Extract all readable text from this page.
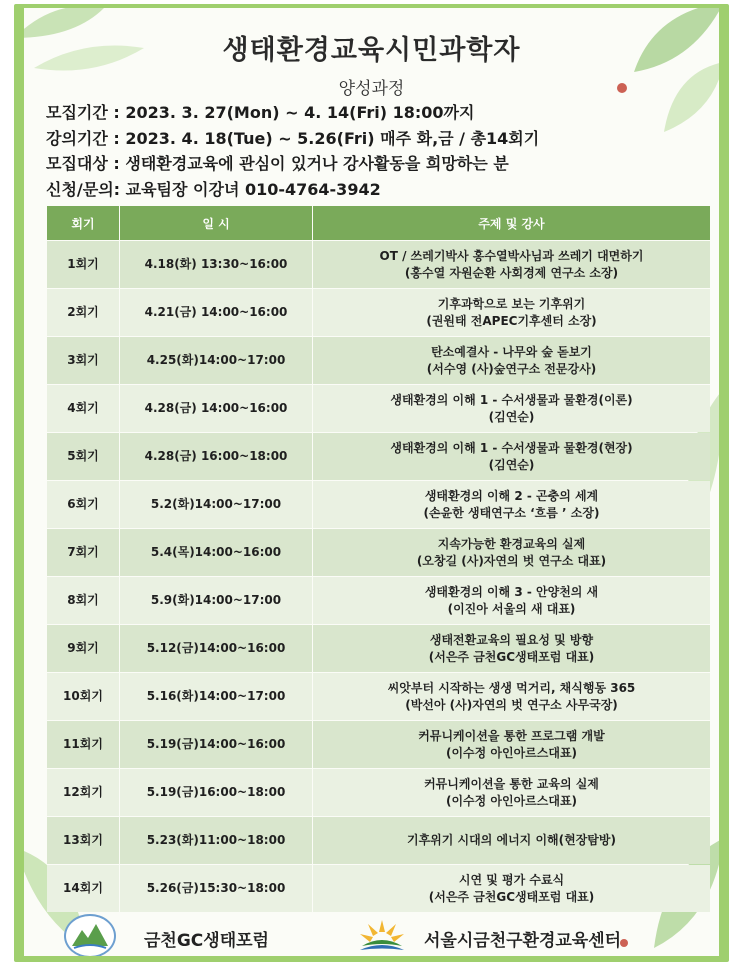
생태환경교육시민과학자
양성과정
모집기간 : 2023. 3. 27(Mon) ~ 4. 14(Fri) 18:00까지
강의기간 : 2023. 4. 18(Tue) ~ 5.26(Fri) 매주 화,금 / 총14회기
모집대상 : 생태환경교육에 관심이 있거나 강사활동을 희망하는 분
신청/문의: 교육팀장 이강녀 010-4764-3942
회기	일 시	주제 및 강사
1회기	4.18(화) 13:30~16:00	OT / 쓰레기박사 홍수열박사님과 쓰레기 대면하기
(홍수열 자원순환 사회경제 연구소 소장)

2회기	4.21(금) 14:00~16:00	기후과학으로 보는 기후위기
(권원태 전APEC기후센터 소장)

3회기	4.25(화)14:00~17:00	탄소예결사 - 나무와 숲 돋보기
(서수영 (사)숲연구소 전문강사)

4회기	4.28(금) 14:00~16:00	생태환경의 이해 1 - 수서생물과 물환경(이론)
(김연순)

5회기	4.28(금) 16:00~18:00	생태환경의 이해 1 - 수서생물과 물환경(현장)
(김연순)

6회기	5.2(화)14:00~17:00	생태환경의 이해 2 - 곤충의 세계
(손윤한 생태연구소 ‘흐름 ’ 소장)

7회기	5.4(목)14:00~16:00	지속가능한 환경교육의 실제
(오창길 (사)자연의 벗 연구소 대표)

8회기	5.9(화)14:00~17:00	생태환경의 이해 3 - 안양천의 새
(이진아 서울의 새 대표)

9회기	5.12(금)14:00~16:00	생태전환교육의 필요성 및 방향
(서은주 금천GC생태포럼 대표)

10회기	5.16(화)14:00~17:00	씨앗부터 시작하는 생생 먹거리, 채식행동 365
(박선아 (사)자연의 벗 연구소 사무국장)

11회기	5.19(금)14:00~16:00	커뮤니케이션을 통한 프로그램 개발
(이수정 아인아르스대표)

12회기	5.19(금)16:00~18:00	커뮤니케이션을 통한 교육의 실제
(이수정 아인아르스대표)

13회기	5.23(화)11:00~18:00	기후위기 시대의 에너지 이해(현장탐방)

14회기	5.26(금)15:30~18:00	시연 및 평가 수료식
(서은주 금천GC생태포럼 대표)
금천GC생태포럼	서울시금천구환경교육센터
